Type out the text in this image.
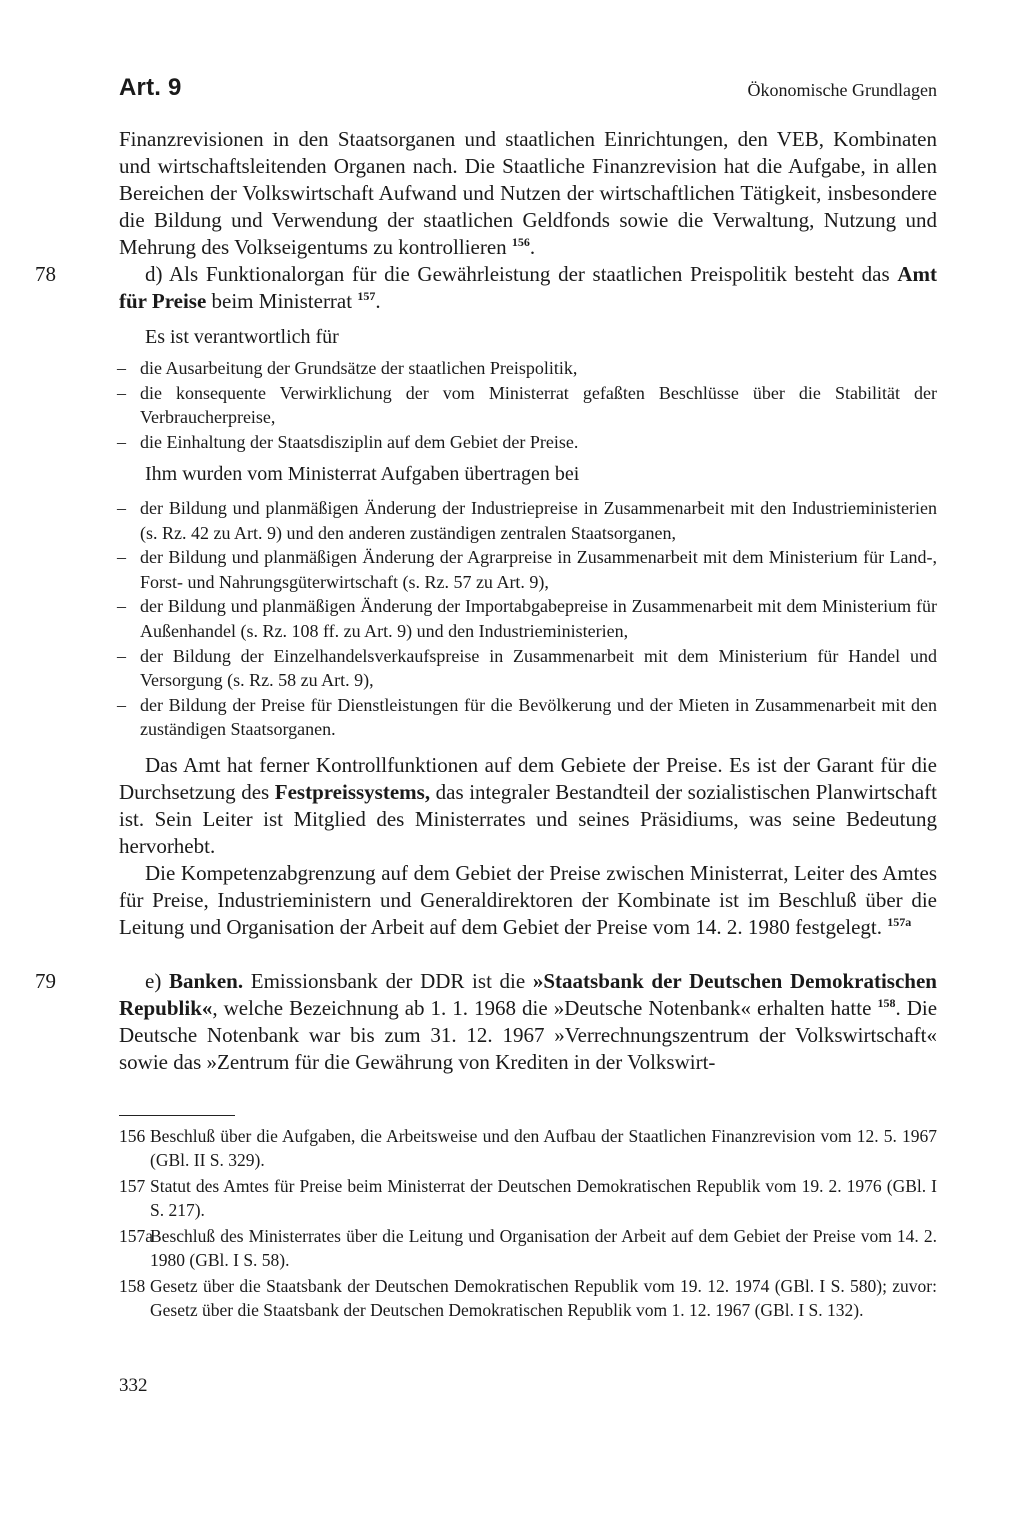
Art. 9	Ökonomische Grundlagen

Finanzrevisionen in den Staatsorganen und staatlichen Einrichtungen, den VEB, Kombinaten und wirtschaftsleitenden Organen nach. Die Staatliche Finanzrevision hat die Aufgabe, in allen Bereichen der Volkswirtschaft Aufwand und Nutzen der wirtschaftlichen Tätigkeit, insbesondere die Bildung und Verwendung der staatlichen Geldfonds sowie die Verwaltung, Nutzung und Mehrung des Volkseigentums zu kontrollieren $^{156}$.

78	d) Als Funktionalorgan für die Gewährleistung der staatlichen Preispolitik besteht das Amt für Preise beim Ministerrat $^{157}$.

Es ist verantwortlich für
– die Ausarbeitung der Grundsätze der staatlichen Preispolitik,
– die konsequente Verwirklichung der vom Ministerrat gefaßten Beschlüsse über die Stabilität der Verbraucherpreise,
– die Einhaltung der Staatsdisziplin auf dem Gebiet der Preise.
Ihm wurden vom Ministerrat Aufgaben übertragen bei
– der Bildung und planmäßigen Änderung der Industriepreise in Zusammenarbeit mit den Industrieministerien (s. Rz. 42 zu Art. 9) und den anderen zuständigen zentralen Staatsorganen,
– der Bildung und planmäßigen Änderung der Agrarpreise in Zusammenarbeit mit dem Ministerium für Land-, Forst- und Nahrungsgüterwirtschaft (s. Rz. 57 zu Art. 9),
– der Bildung und planmäßigen Änderung der Importabgabepreise in Zusammenarbeit mit dem Ministerium für Außenhandel (s. Rz. 108 ff. zu Art. 9) und den Industrieministerien,
– der Bildung der Einzelhandelsverkaufspreise in Zusammenarbeit mit dem Ministerium für Handel und Versorgung (s. Rz. 58 zu Art. 9),
– der Bildung der Preise für Dienstleistungen für die Bevölkerung und der Mieten in Zusammenarbeit mit den zuständigen Staatsorganen.

Das Amt hat ferner Kontrollfunktionen auf dem Gebiete der Preise. Es ist der Garant für die Durchsetzung des Festpreissystems, das integraler Bestandteil der sozialistischen Planwirtschaft ist. Sein Leiter ist Mitglied des Ministerrates und seines Präsidiums, was seine Bedeutung hervorhebt.

Die Kompetenzabgrenzung auf dem Gebiet der Preise zwischen Ministerrat, Leiter des Amtes für Preise, Industrieministern und Generaldirektoren der Kombinate ist im Beschluß über die Leitung und Organisation der Arbeit auf dem Gebiet der Preise vom 14. 2. 1980 festgelegt. $^{157a}$

79	e) Banken. Emissionsbank der DDR ist die »Staatsbank der Deutschen Demokratischen Republik«, welche Bezeichnung ab 1. 1. 1968 die »Deutsche Notenbank« erhalten hatte $^{158}$. Die Deutsche Notenbank war bis zum 31. 12. 1967 »Verrechnungszentrum der Volkswirtschaft« sowie das »Zentrum für die Gewährung von Krediten in der Volkswirt-

156 Beschluß über die Aufgaben, die Arbeitsweise und den Aufbau der Staatlichen Finanzrevision vom 12. 5. 1967 (GBl. II S. 329).
157 Statut des Amtes für Preise beim Ministerrat der Deutschen Demokratischen Republik vom 19. 2. 1976 (GBl. I S. 217).
157a
Beschluß des Ministerrates über die Leitung und Organisation der Arbeit auf dem Gebiet der Preise vom 14. 2. 1980 (GBl. I S. 58).
158 Gesetz über die Staatsbank der Deutschen Demokratischen Republik vom 19. 12. 1974 (GBl. I S. 580); zuvor: Gesetz über die Staatsbank der Deutschen Demokratischen Republik vom 1. 12. 1967 (GBl. I S. 132).
332
